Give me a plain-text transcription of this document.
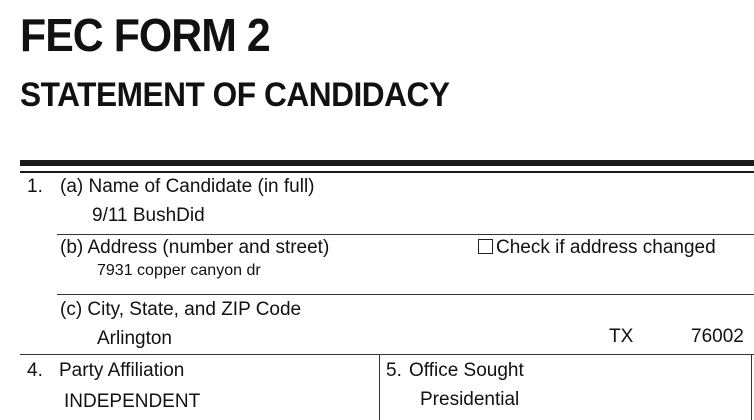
FEC FORM 2
STATEMENT OF CANDIDACY
1. (a) Name of Candidate (in full)
9/11 BushDid
(b) Address (number and street)	Check if address changed
7931 copper canyon dr
(c) City, State, and ZIP Code
Arlington	TX	76002
4. Party Affiliation
INDEPENDENT
5. Office Sought
Presidential
